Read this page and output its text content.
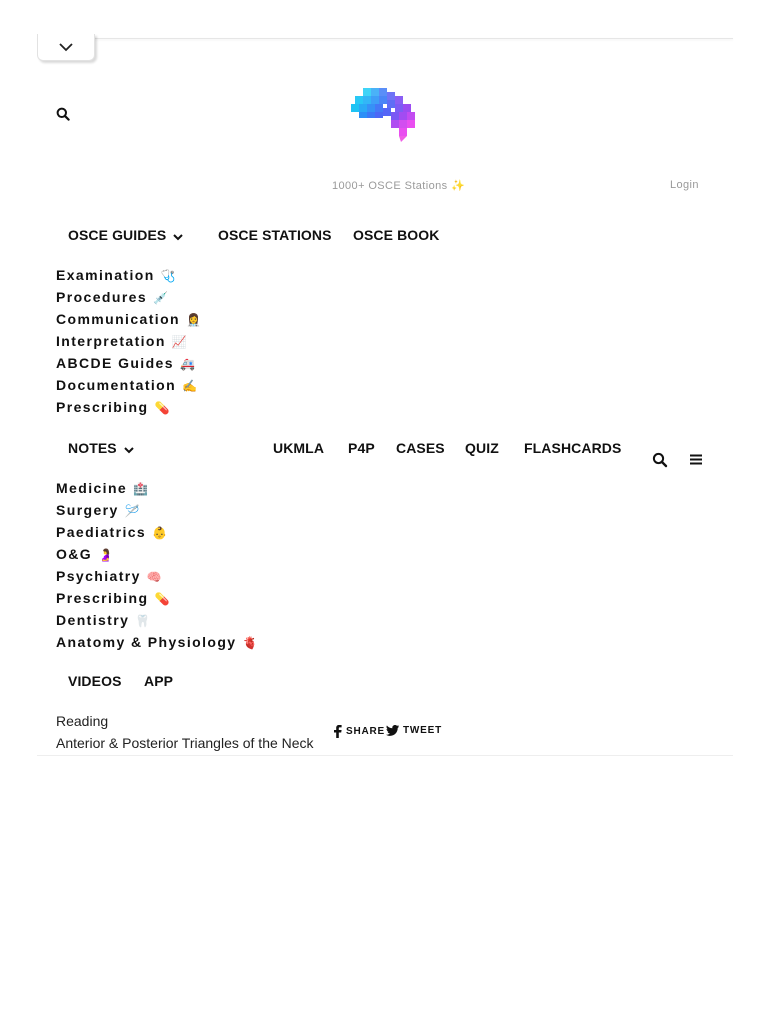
1000+ OSCE Stations ✨	Login
OSCE GUIDES	OSCE STATIONS OSCE BOOK
Examination 🩺
Procedures 💉
Communication 👩‍⚕️
Interpretation 📈
ABCDE Guides 🚑
Documentation ✍️
Prescribing 💊
NOTES	UKMLA P4P CASES QUIZ FLASHCARDS
Medicine 🏥
Surgery 🪡
Paediatrics 👶
O&G 🤰
Psychiatry 🧠
Prescribing 💊
Dentistry 🦷
Anatomy & Physiology 🫀
VIDEOS APP
Reading
Anterior & Posterior Triangles of the Neck
SHARE TWEET
